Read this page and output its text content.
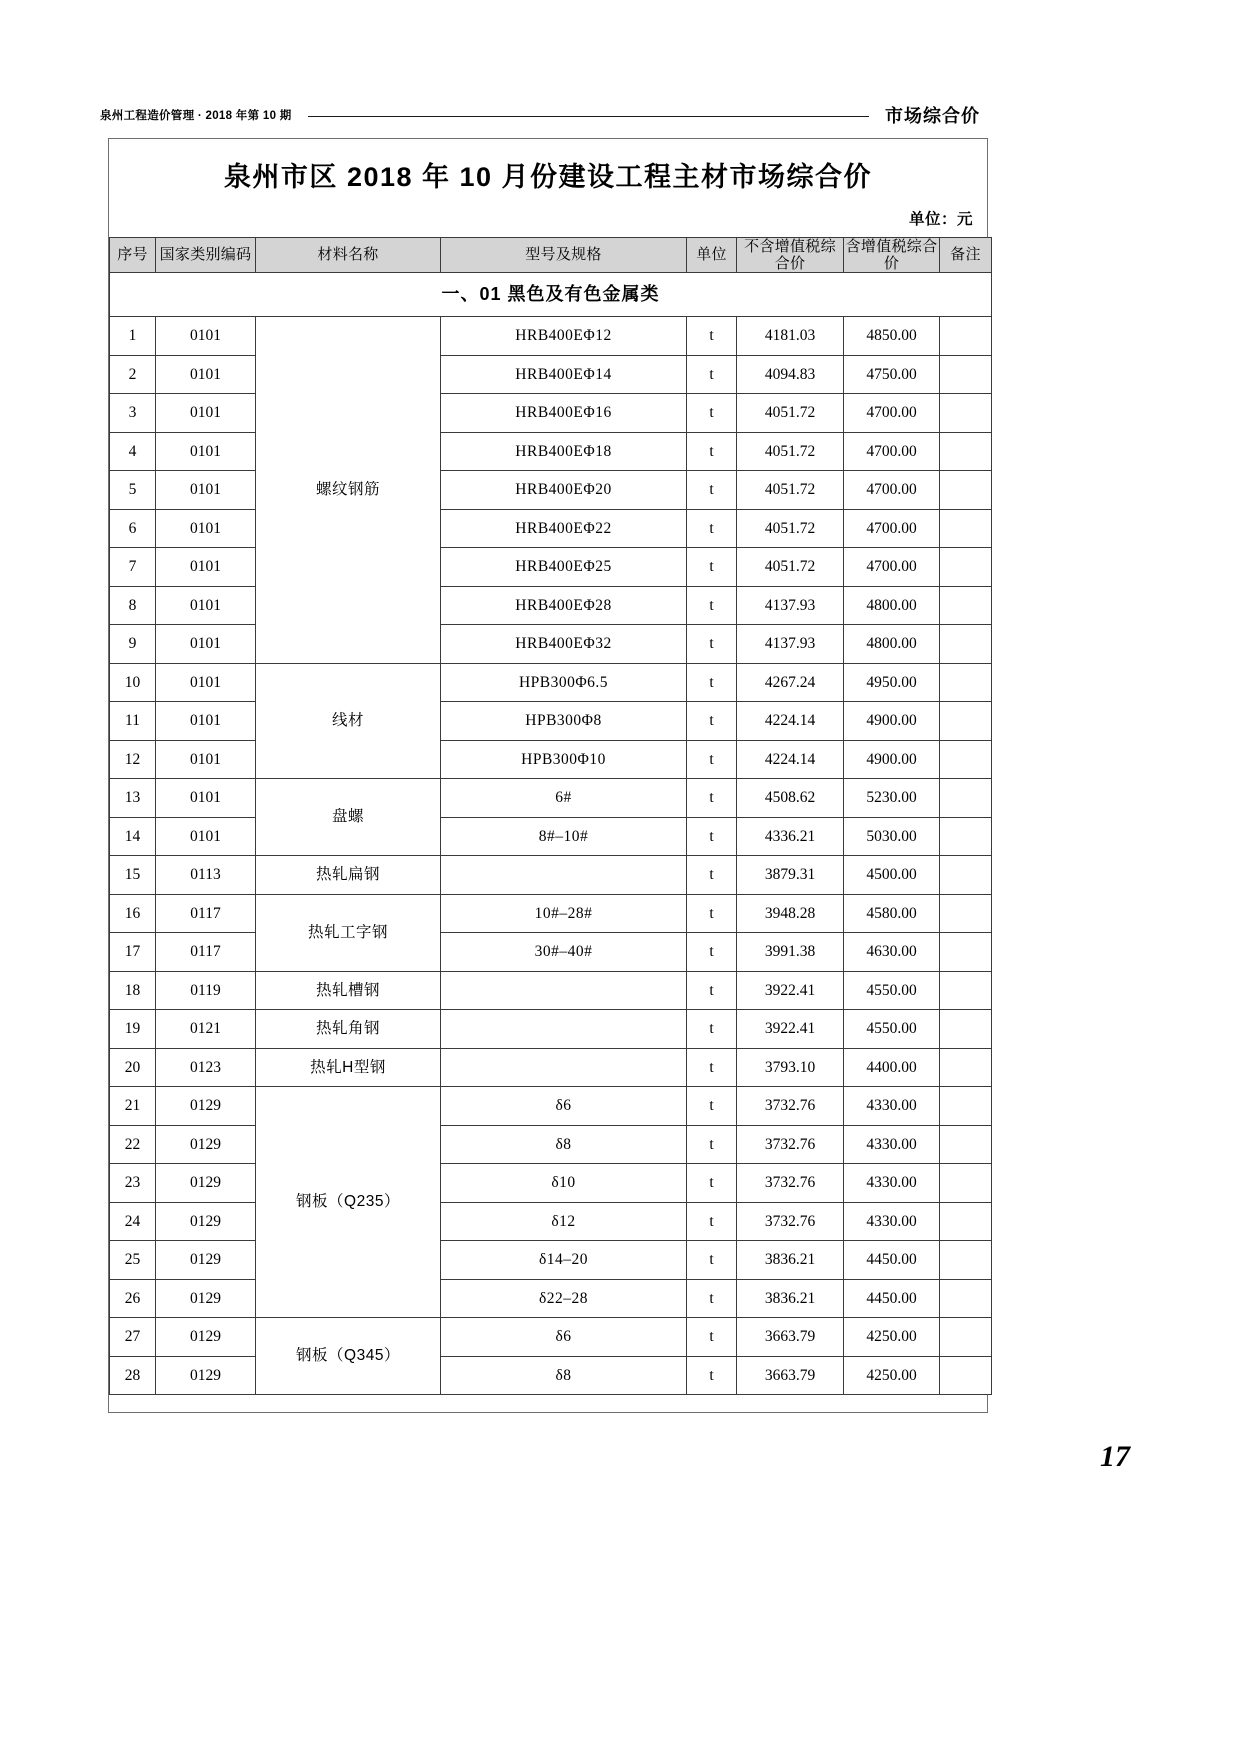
泉州工程造价管理 · 2018 年第 10 期	市场综合价
泉州市区 2018 年 10 月份建设工程主材市场综合价
单位：元
序号	国家类别编码	材料名称	型号及规格	单位	不含增值税综合价	含增值税综合价	备注
一、01 黑色及有色金属类							
1	0101	螺纹钢筋	HRB400EΦ12	t	4181.03	4850.00	
2	0101		HRB400EΦ14	t	4094.83	4750.00	
3	0101		HRB400EΦ16	t	4051.72	4700.00	
4	0101		HRB400EΦ18	t	4051.72	4700.00	
5	0101		HRB400EΦ20	t	4051.72	4700.00	
6	0101		HRB400EΦ22	t	4051.72	4700.00	
7	0101		HRB400EΦ25	t	4051.72	4700.00	
8	0101		HRB400EΦ28	t	4137.93	4800.00	
9	0101		HRB400EΦ32	t	4137.93	4800.00	
10	0101	线材	HPB300Φ6.5	t	4267.24	4950.00	
11	0101		HPB300Φ8	t	4224.14	4900.00	
12	0101		HPB300Φ10	t	4224.14	4900.00	
13	0101	盘螺	6#	t	4508.62	5230.00	
14	0101		8#–10#	t	4336.21	5030.00	
15	0113	热轧扁钢		t	3879.31	4500.00	
16	0117	热轧工字钢	10#–28#	t	3948.28	4580.00	
17	0117		30#–40#	t	3991.38	4630.00	
18	0119	热轧槽钢		t	3922.41	4550.00	
19	0121	热轧角钢		t	3922.41	4550.00	
20	0123	热轧H型钢		t	3793.10	4400.00	
21	0129	钢板（Q235）	δ6	t	3732.76	4330.00	
22	0129		δ8	t	3732.76	4330.00	
23	0129		δ10	t	3732.76	4330.00	
24	0129		δ12	t	3732.76	4330.00	
25	0129		δ14–20	t	3836.21	4450.00	
26	0129		δ22–28	t	3836.21	4450.00	
27	0129	钢板（Q345）	δ6	t	3663.79	4250.00	
28	0129		δ8	t	3663.79	4250.00	
17
